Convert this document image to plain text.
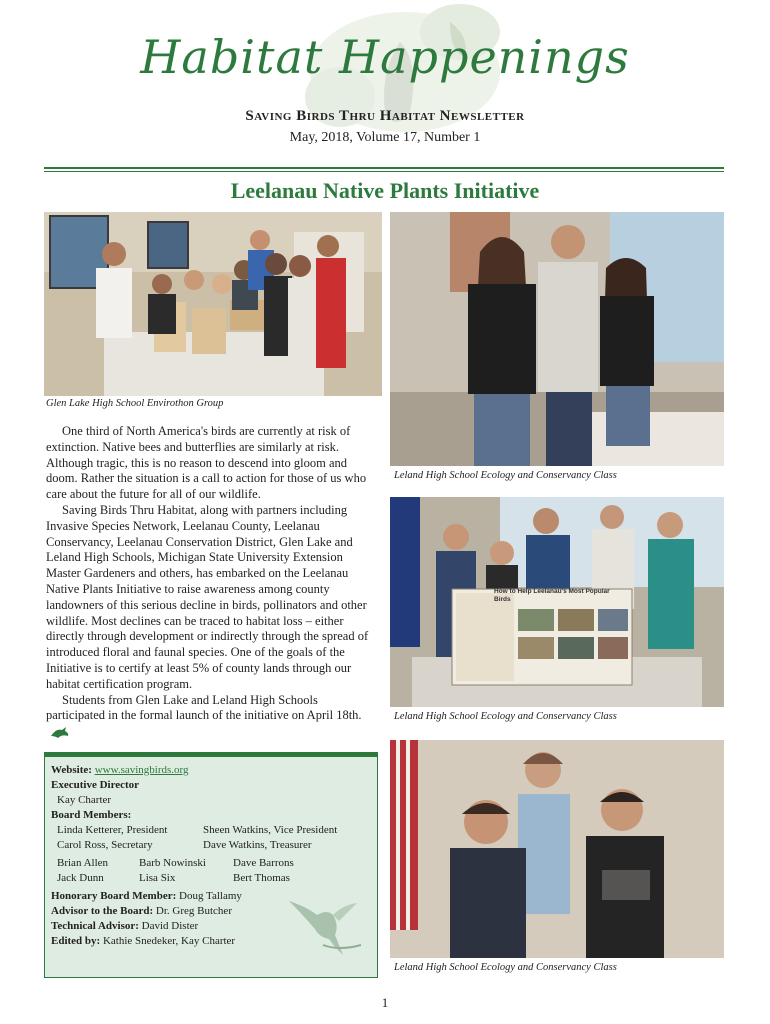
Habitat Happenings
Saving Birds Thru Habitat Newsletter
May, 2018, Volume 17, Number 1
Leelanau Native Plants Initiative
Glen Lake High School Envirothon Group
Leland High School Ecology and Conservancy Class
How to Help Leelanau's Most Popular Birds
Leland High School Ecology and Conservancy Class
Leland High School Ecology and Conservancy Class

One third of North America's birds are currently at risk of extinction. Native bees and butterflies are similarly at risk. Although tragic, this is no reason to descend into gloom and doom. Rather the situation is a call to action for those of us who care about the future for all of our wildlife.

Saving Birds Thru Habitat, along with partners including Invasive Species Network, Leelanau County, Leelanau Conservancy, Leelanau Conservation District, Glen Lake and Leland High Schools, Michigan State University Extension Master Gardeners and others, has embarked on the Leelanau Native Plants Initiative to raise awareness among county landowners of this serious decline in birds, pollinators and other wildlife. Most declines can be traced to habitat loss – either directly through development or indirectly through the spread of introduced floral and faunal species. One of the goals of the Initiative is to certify at least 5% of county lands through our habitat certification program.

Students from Glen Lake and Leland High Schools participated in the formal launch of the initiative on April 18th.

Website: www.savingbirds.org
Executive Director
Kay Charter
Board Members:
Linda Ketterer, President	Sheen Watkins, Vice President
Carol Ross, Secretary	Dave Watkins, Treasurer
Brian Allen	Barb Nowinski	Dave Barrons
Jack Dunn	Lisa Six	Bert Thomas
Honorary Board Member: Doug Tallamy
Advisor to the Board: Dr. Greg Butcher
Technical Advisor: David Dister
Edited by: Kathie Snedeker, Kay Charter
1
